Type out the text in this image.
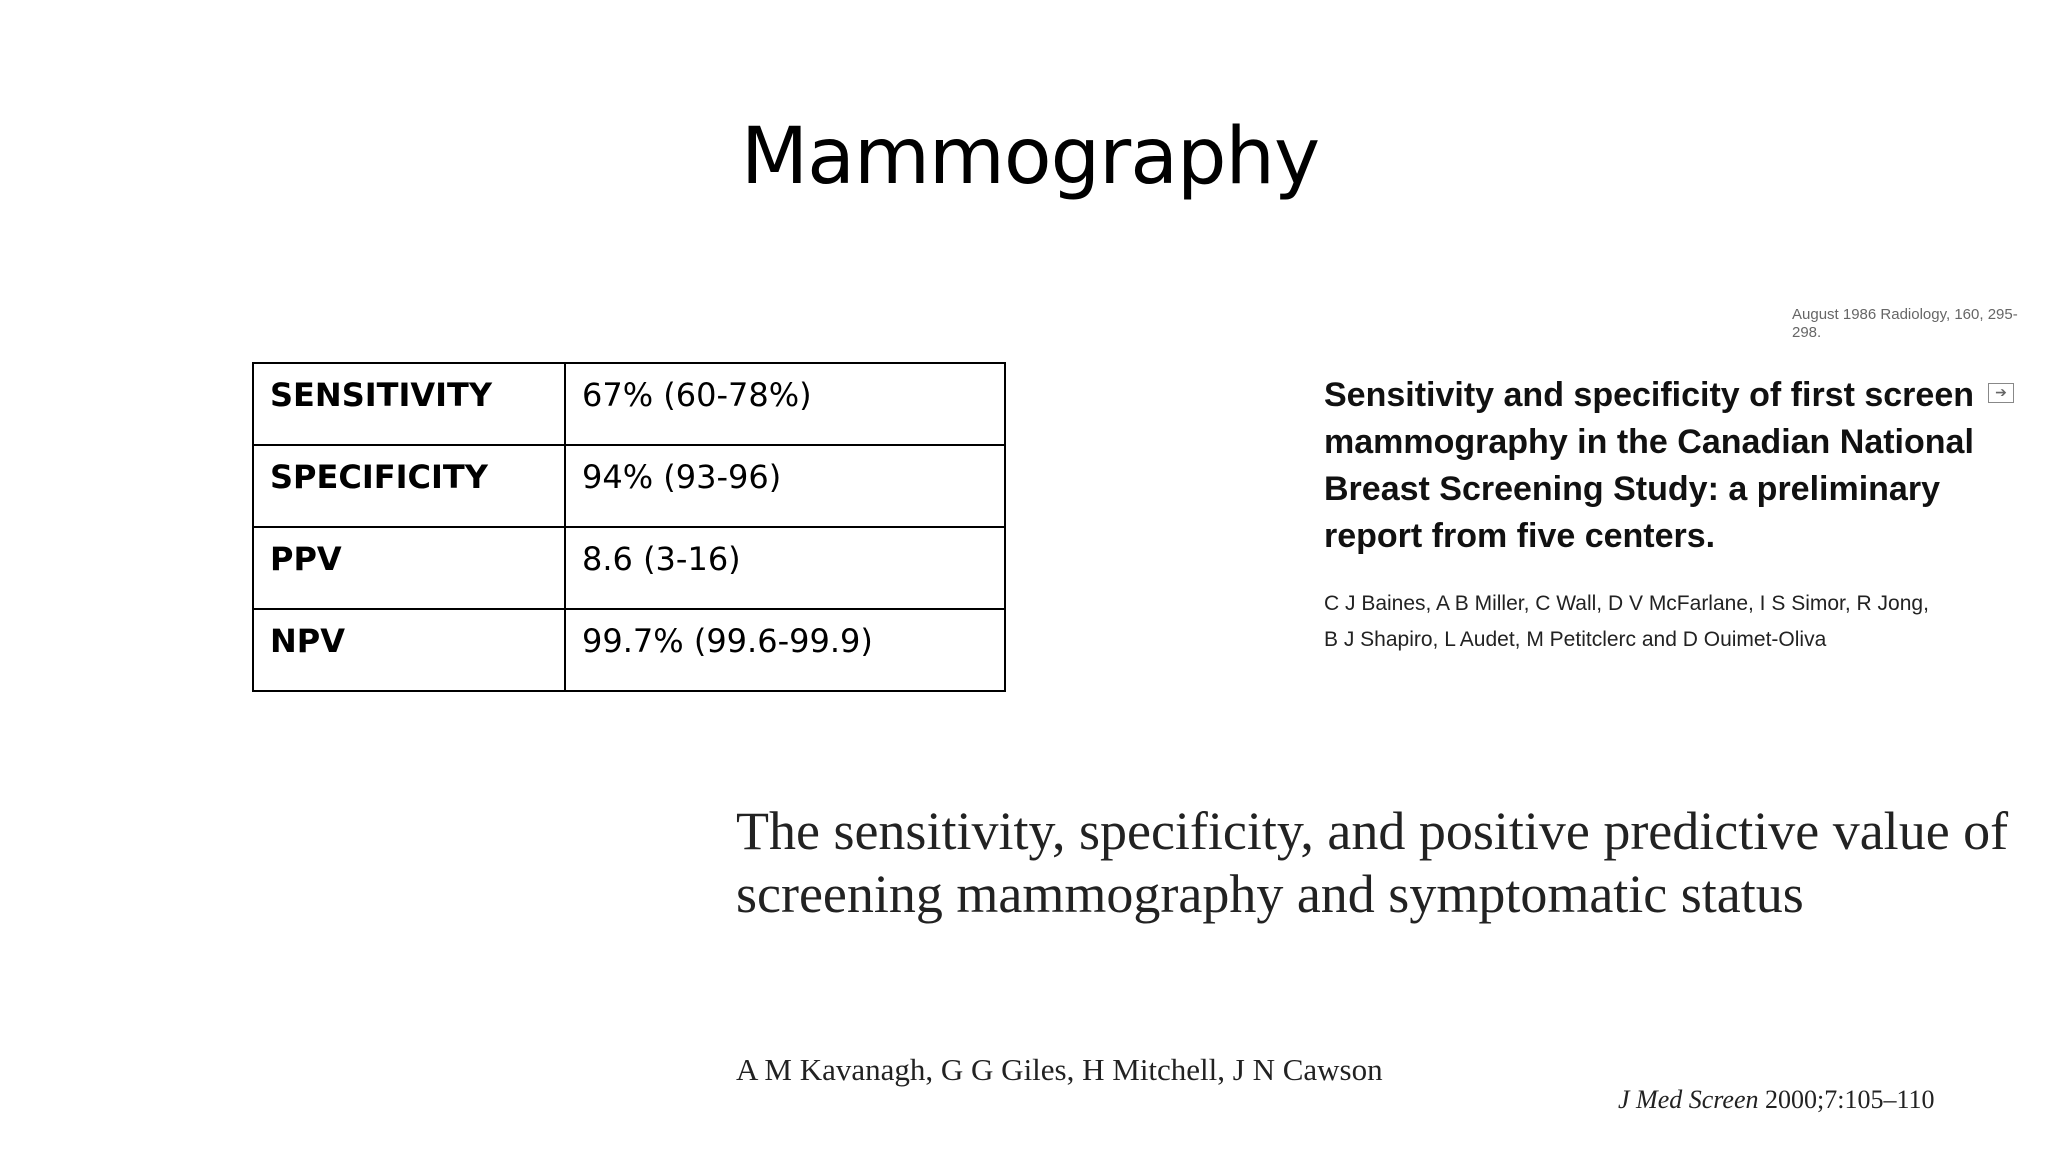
Mammography
SENSITIVITY	67% (60-78%)
SPECIFICITY	94% (93-96)
PPV	8.6 (3-16)
NPV	99.7% (99.6-99.9)
August 1986 Radiology, 160, 295-298.
➔
Sensitivity and specificity of first screen mammography in the Canadian National Breast Screening Study: a preliminary report from five centers.
C J Baines, A B Miller, C Wall, D V McFarlane, I S Simor, R Jong,
B J Shapiro, L Audet, M Petitclerc and D Ouimet-Oliva
The sensitivity, specificity, and positive predictive value of screening mammography and symptomatic status
A M Kavanagh, G G Giles, H Mitchell, J N Cawson
J Med Screen 2000;7:105–110
